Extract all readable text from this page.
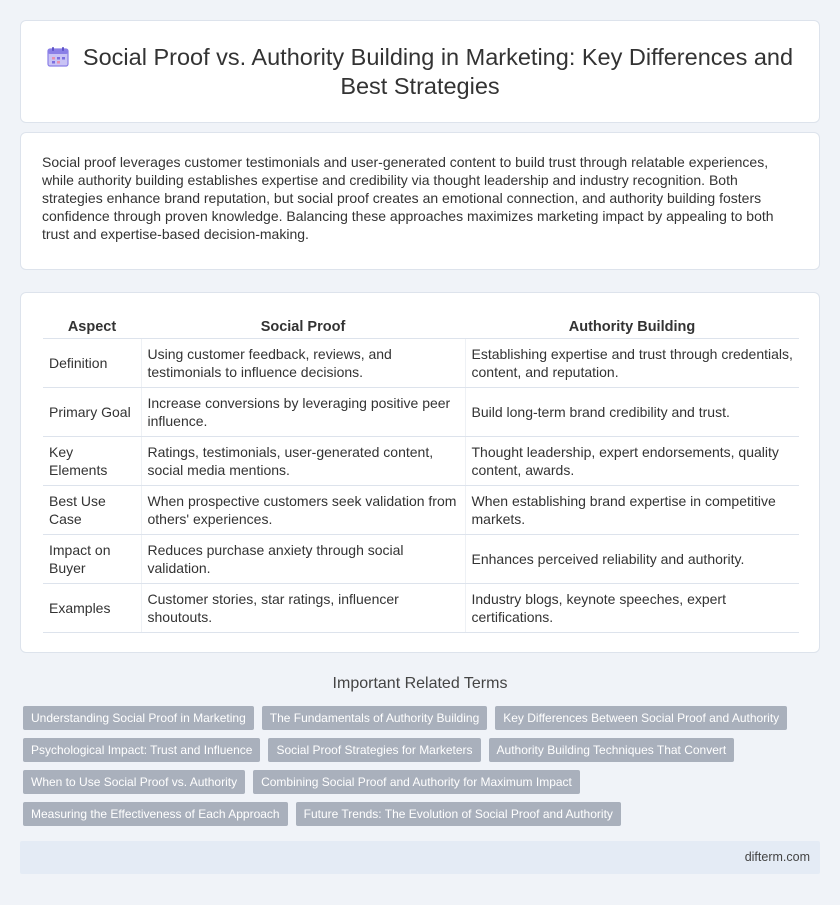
Social Proof vs. Authority Building in Marketing: Key Differences and Best Strategies

Social proof leverages customer testimonials and user-generated content to build trust through relatable experiences, while authority building establishes expertise and credibility via thought leadership and industry recognition. Both strategies enhance brand reputation, but social proof creates an emotional connection, and authority building fosters confidence through proven knowledge. Balancing these approaches maximizes marketing impact by appealing to both trust and expertise-based decision-making.

Aspect	Social Proof	Authority Building
Definition	Using customer feedback, reviews, and testimonials to influence decisions.	Establishing expertise and trust through credentials, content, and reputation.
Primary Goal	Increase conversions by leveraging positive peer influence.	Build long-term brand credibility and trust.
Key Elements	Ratings, testimonials, user-generated content, social media mentions.	Thought leadership, expert endorsements, quality content, awards.
Best Use Case	When prospective customers seek validation from others' experiences.	When establishing brand expertise in competitive markets.
Impact on Buyer	Reduces purchase anxiety through social validation.	Enhances perceived reliability and authority.
Examples	Customer stories, star ratings, influencer shoutouts.	Industry blogs, keynote speeches, expert certifications.
Important Related Terms
Understanding Social Proof in Marketing	The Fundamentals of Authority Building	Key Differences Between Social Proof and Authority
Psychological Impact: Trust and Influence	Social Proof Strategies for Marketers	Authority Building Techniques That Convert
When to Use Social Proof vs. Authority	Combining Social Proof and Authority for Maximum Impact
Measuring the Effectiveness of Each Approach	Future Trends: The Evolution of Social Proof and Authority
difterm.com
